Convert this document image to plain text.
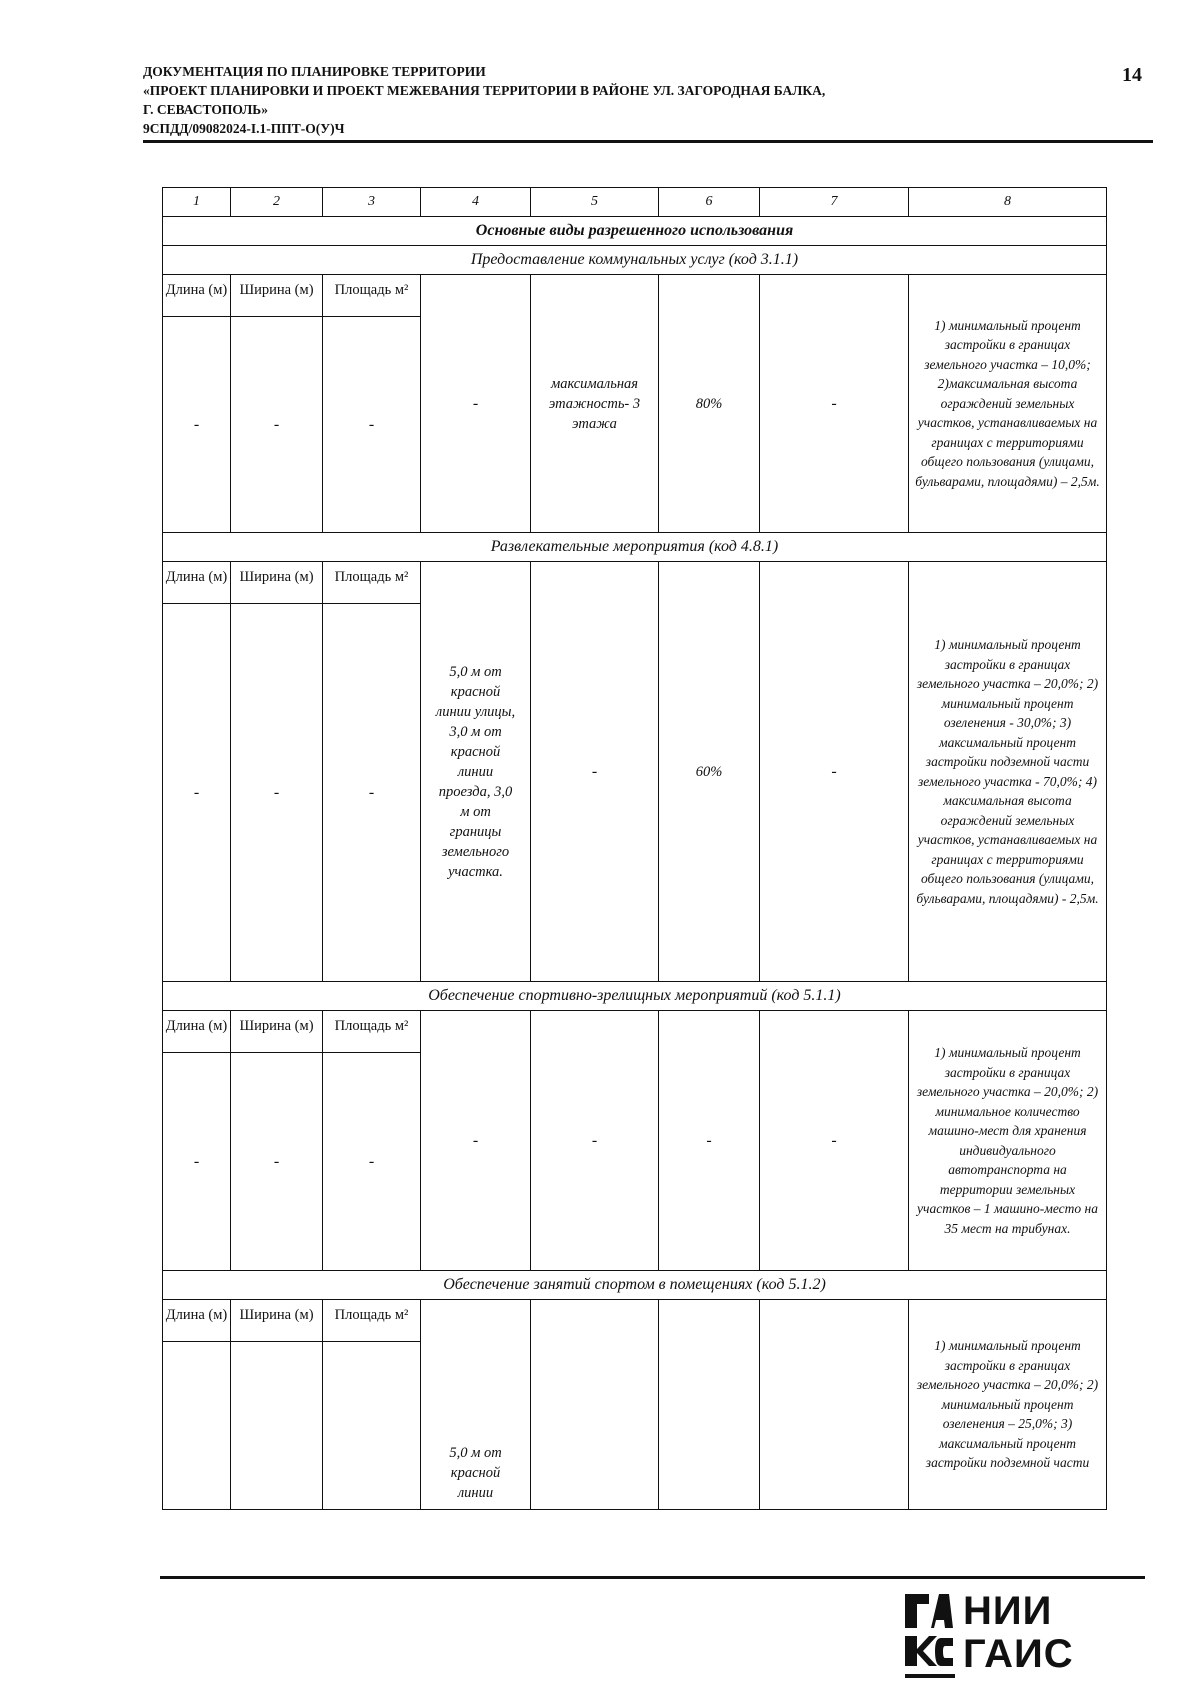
ДОКУМЕНТАЦИЯ ПО ПЛАНИРОВКЕ ТЕРРИТОРИИ
«ПРОЕКТ ПЛАНИРОВКИ И ПРОЕКТ МЕЖЕВАНИЯ ТЕРРИТОРИИ В РАЙОНЕ УЛ. ЗАГОРОДНАЯ БАЛКА,
Г. СЕВАСТОПОЛЬ»
9СПДД/09082024-I.1-ППТ-О(У)Ч
14
1	2	3	4	5	6	7	8
Основные виды разрешенного использования							
Предоставление коммунальных услуг (код 3.1.1)							
Длина (м)	Ширина (м)	Площадь м²	-	максимальная этажность- 3 этажа	80%	-	1) минимальный процент застройки в границах земельного участка – 10,0%; 2)максимальная высота ограждений земельных участков, устанавливаемых на границах с территориями общего пользования (улицами, бульварами, площадями) – 2,5м.
-	-	-					
Развлекательные мероприятия (код 4.8.1)							
Длина (м)	Ширина (м)	Площадь м²	5,0 м от красной линии улицы, 3,0 м от красной линии проезда, 3,0 м от границы земельного участка.	-	60%	-	1) минимальный процент застройки в границах земельного участка – 20,0%; 2) минимальный процент озеленения - 30,0%; 3) максимальный процент застройки подземной части земельного участка - 70,0%; 4) максимальная высота ограждений земельных участков, устанавливаемых на границах с территориями общего пользования (улицами, бульварами, площадями) - 2,5м.
-	-	-					
Обеспечение спортивно-зрелищных мероприятий (код 5.1.1)							
Длина (м)	Ширина (м)	Площадь м²	-	-	-	-	1) минимальный процент застройки в границах земельного участка – 20,0%; 2) минимальное количество машино-мест для хранения индивидуального автотранспорта на территории земельных участков – 1 машино-место на 35 мест на трибунах.
-	-	-					
Обеспечение занятий спортом в помещениях (код 5.1.2)							
Длина (м)	Ширина (м)	Площадь м²	5,0 м от красной линии				1) минимальный процент застройки в границах земельного участка – 20,0%; 2) минимальный процент озеленения – 25,0%; 3) максимальный процент застройки подземной части

НИИ
ГАИС
